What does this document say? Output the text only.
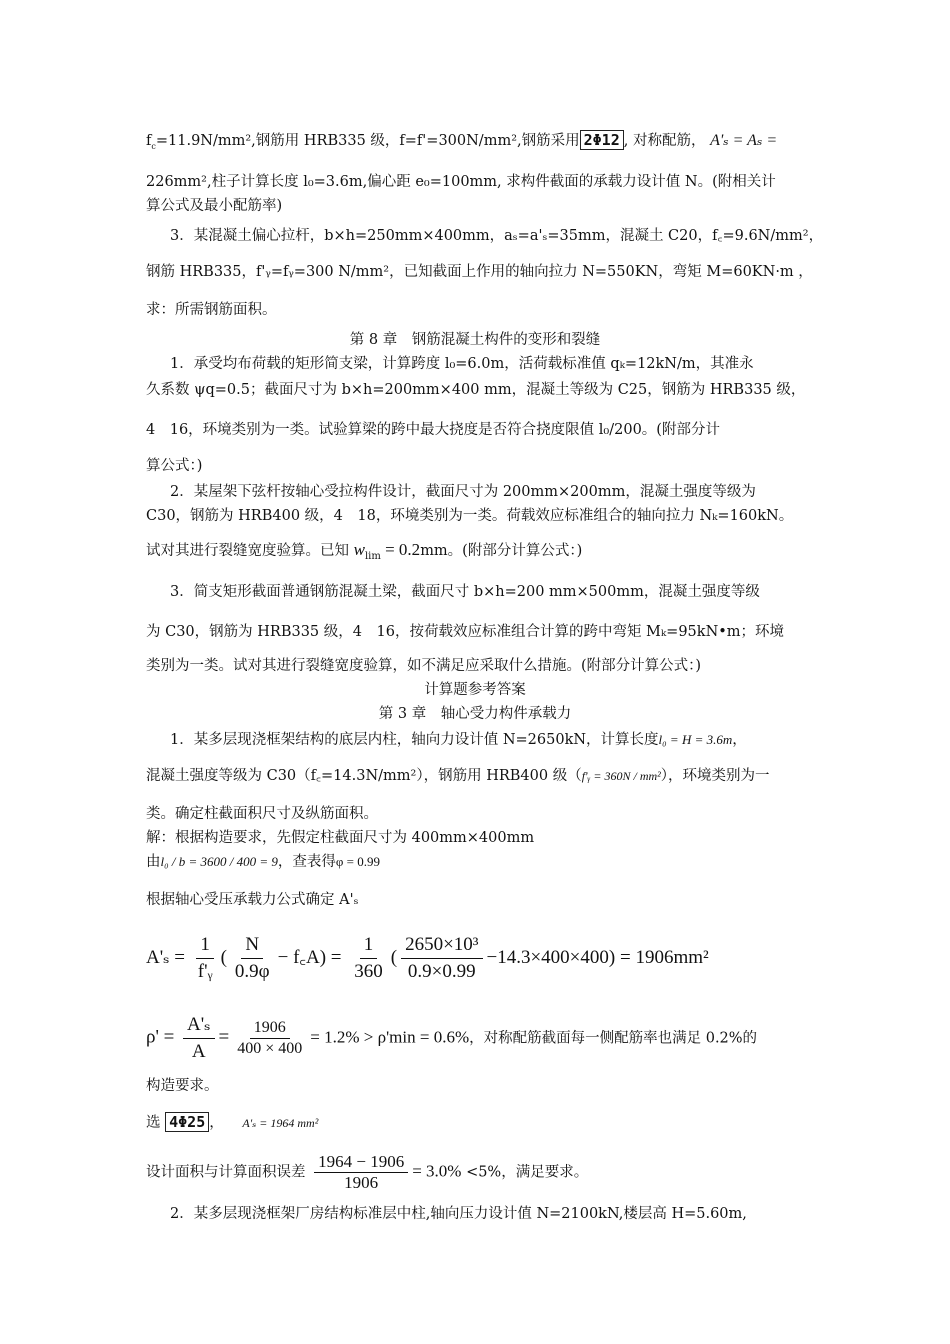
$f_c=11.9N$/mm²,钢筋用 HRB335 级，f=f'=300N/mm²,钢筋采用 2Φ12 , 对称配筋， A'ₛ = Aₛ =
226mm²,柱子计算长度 l₀=3.6m,偏心距 e₀=100mm, 求构件截面的承载力设计值 N。(附相关计
算公式及最小配筋率)
3．某混凝土偏心拉杆，b×h=250mm×400mm，aₛ=a'ₛ=35mm，混凝土 C20，f꜀=9.6N/mm²，
钢筋 HRB335，f'ᵧ=fᵧ=300 N/mm²，已知截面上作用的轴向拉力 N=550KN，弯矩 M=60KN·m ，
求：所需钢筋面积。
第 8 章　钢筋混凝土构件的变形和裂缝
1．承受均布荷载的矩形简支梁，计算跨度 l₀=6.0m，活荷载标准值 qₖ=12kN/m，其准永
久系数 ψq=0.5；截面尺寸为 b×h=200mm×400 mm，混凝土等级为 C25，钢筋为 HRB335 级，
4　16，环境类别为一类。试验算梁的跨中最大挠度是否符合挠度限值 l₀/200。(附部分计
算公式：)
2．某屋架下弦杆按轴心受拉构件设计，截面尺寸为 200mm×200mm，混凝土强度等级为
C30，钢筋为 HRB400 级，4　18，环境类别为一类。荷载效应标准组合的轴向拉力 Nₖ=160kN。
试对其进行裂缝宽度验算。已知 $w_{lim} = 0.2mm$。(附部分计算公式：)
3．简支矩形截面普通钢筋混凝土梁，截面尺寸 b×h=200 mm×500mm，混凝土强度等级
为 C30，钢筋为 HRB335 级，4　16，按荷载效应标准组合计算的跨中弯矩 Mₖ=95kN•m；环境
类别为一类。试对其进行裂缝宽度验算，如不满足应采取什么措施。(附部分计算公式：)
计算题参考答案
第 3 章　轴心受力构件承载力
1．某多层现浇框架结构的底层内柱，轴向力设计值 N=2650kN，计算长度l₀ = H = 3.6m，
混凝土强度等级为 C30（f꜀=14.3N/mm²），钢筋用 HRB400 级（f'ᵧ = 360N / mm²），环境类别为一
类。确定柱截面积尺寸及纵筋面积。
解：根据构造要求，先假定柱截面尺寸为 400mm×400mm
由l₀ / b = 3600 / 400 = 9，查表得φ = 0.99
根据轴心受压承载力公式确定 A'ₛ
$A'_s = \frac{1}{\text{f'ᵧ}}$ ( $\frac{N}{0.9\varphi}$ − f꜀A) = $\frac{1}{360}$ ( $\frac{\text{2650×10³}}{0.9\times 0.99} -14.3\times 400\times 400) = 1906mm^2$
$\rho' = \frac{\text{A'ₛ}}{A} = \frac{1906}{400 \times 400} = 1.2\% > \rho'\min = 0.6\%$，对称配筋截面每一侧配筋率也满足 0.2%的
构造要求。
选 4Φ25 ， A'ₛ = 1964 mm²
设计面积与计算面积误差 $\frac{1964 - 1906}{1906} = 3.0\% <5\%$，满足要求。
2．某多层现浇框架厂房结构标准层中柱,轴向压力设计值 N=2100kN,楼层高 H=5.60m,
